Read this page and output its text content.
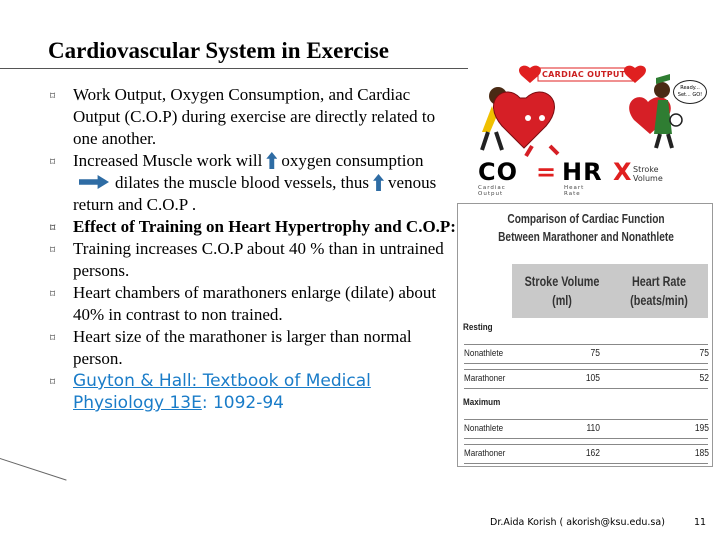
Cardiovascular System in Exercise
⌑ Work Output, Oxygen Consumption, and Cardiac Output (C.O.P) during exercise are directly related to one another.
⌑ Increased Muscle work will oxygen consumptiondilates the muscle blood vessels, thus venous return and C.O.P .
⌑ Effect of Training on Heart Hypertrophy and C.O.P:
⌑ Training increases C.O.P about 40 % than in untrained persons.
⌑ Heart chambers of marathoners enlarge (dilate) about 40% in contrast to non trained.
⌑ Heart size of the marathoner is larger than normal person.
⌑ Guyton & Hall: Textbook of Medical Physiology 13E: 1092-94
CARDIAC OUTPUT
Ready... Set... GO!
CO = HR X
Cardiac Output
Heart Rate
Stroke Volume
Comparison of Cardiac Function
Between Marathoner and Nonathlete
Stroke Volume
(ml)
Heart Rate
(beats/min)
Resting
Nonathlete	75	75
Marathoner	105	52
Maximum
Nonathlete	110	195
Marathoner	162	185
Dr.Aida Korish ( akorish@ksu.edu.sa)	11
